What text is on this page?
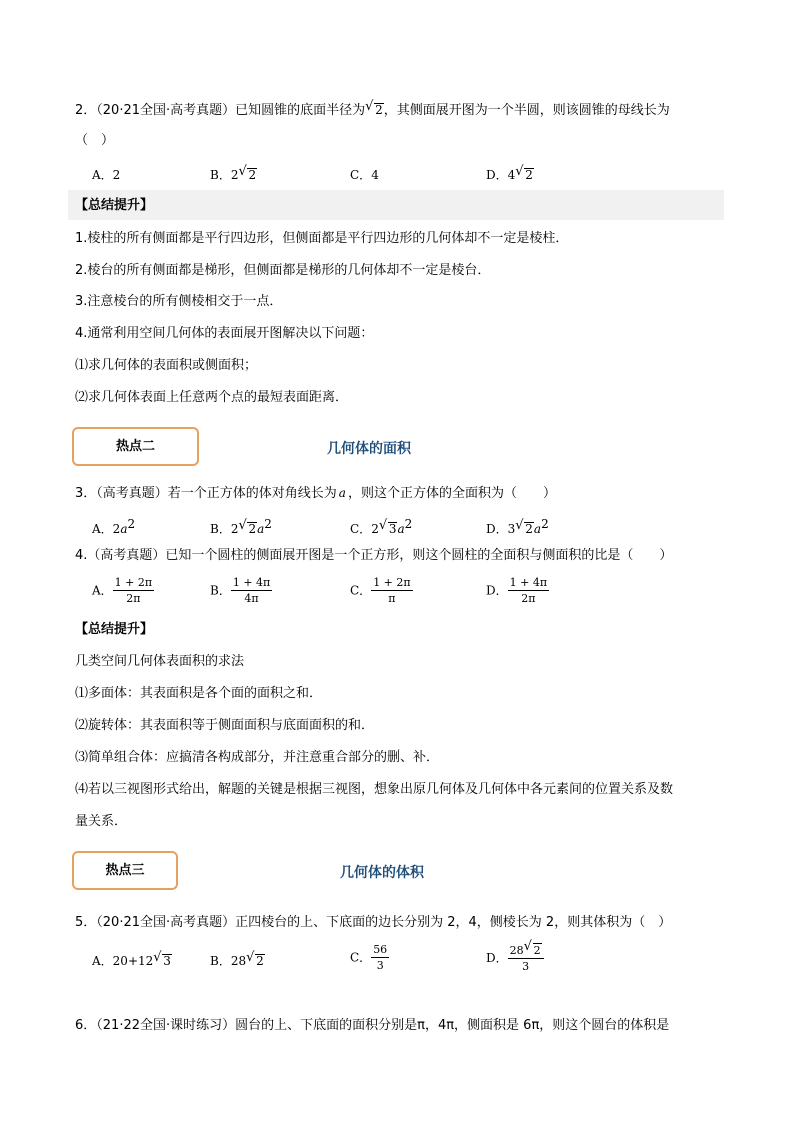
2．（20·21全国·高考真题）已知圆锥的底面半径为 √ 2，其侧面展开图为一个半圆，则该圆锥的母线长为
（　）
A．2	B．2 √ 2	C．4	D．4 √ 2
【总结提升】
1.棱柱的所有侧面都是平行四边形，但侧面都是平行四边形的几何体却不一定是棱柱．
2.棱台的所有侧面都是梯形，但侧面都是梯形的几何体却不一定是棱台．
3.注意棱台的所有侧棱相交于一点．
4.通常利用空间几何体的表面展开图解决以下问题：
⑴求几何体的表面积或侧面积；
⑵求几何体表面上任意两个点的最短表面距离．
热点二	几何体的面积
3．（高考真题）若一个正方体的体对角线长为 a ，则这个正方体的全面积为（　　）
A．$2a^2$	B．2 √ $2a^2$	C．2 √ $3a^2$	D．3 √ $2a^2$
4.（高考真题）已知一个圆柱的侧面展开图是一个正方形，则这个圆柱的全面积与侧面积的比是（　　）
A． $\frac{1 + 2\pi}{2\pi}$	B． $\frac{1 + 4\pi}{4\pi}$	C． $\frac{1 + 2\pi}{\pi}$	D． $\frac{1 + 4\pi}{2\pi}$
【总结提升】
几类空间几何体表面积的求法
⑴多面体：其表面积是各个面的面积之和．
⑵旋转体：其表面积等于侧面面积与底面面积的和．
⑶简单组合体：应搞清各构成部分，并注意重合部分的删、补．
⑷若以三视图形式给出，解题的关键是根据三视图，想象出原几何体及几何体中各元素间的位置关系及数
量关系．
热点三	几何体的体积
5．（20·21全国·高考真题）正四棱台的上、下底面的边长分别为 2，4，侧棱长为 2，则其体积为（　）
A．20+12 √ 3	B．28 √ 2	C． $\frac{56}{3}$	D． $\frac{28 √ 2}{3}$
6．（21·22全国·课时练习）圆台的上、下底面的面积分别是π，4π，侧面积是 6π，则这个圆台的体积是
